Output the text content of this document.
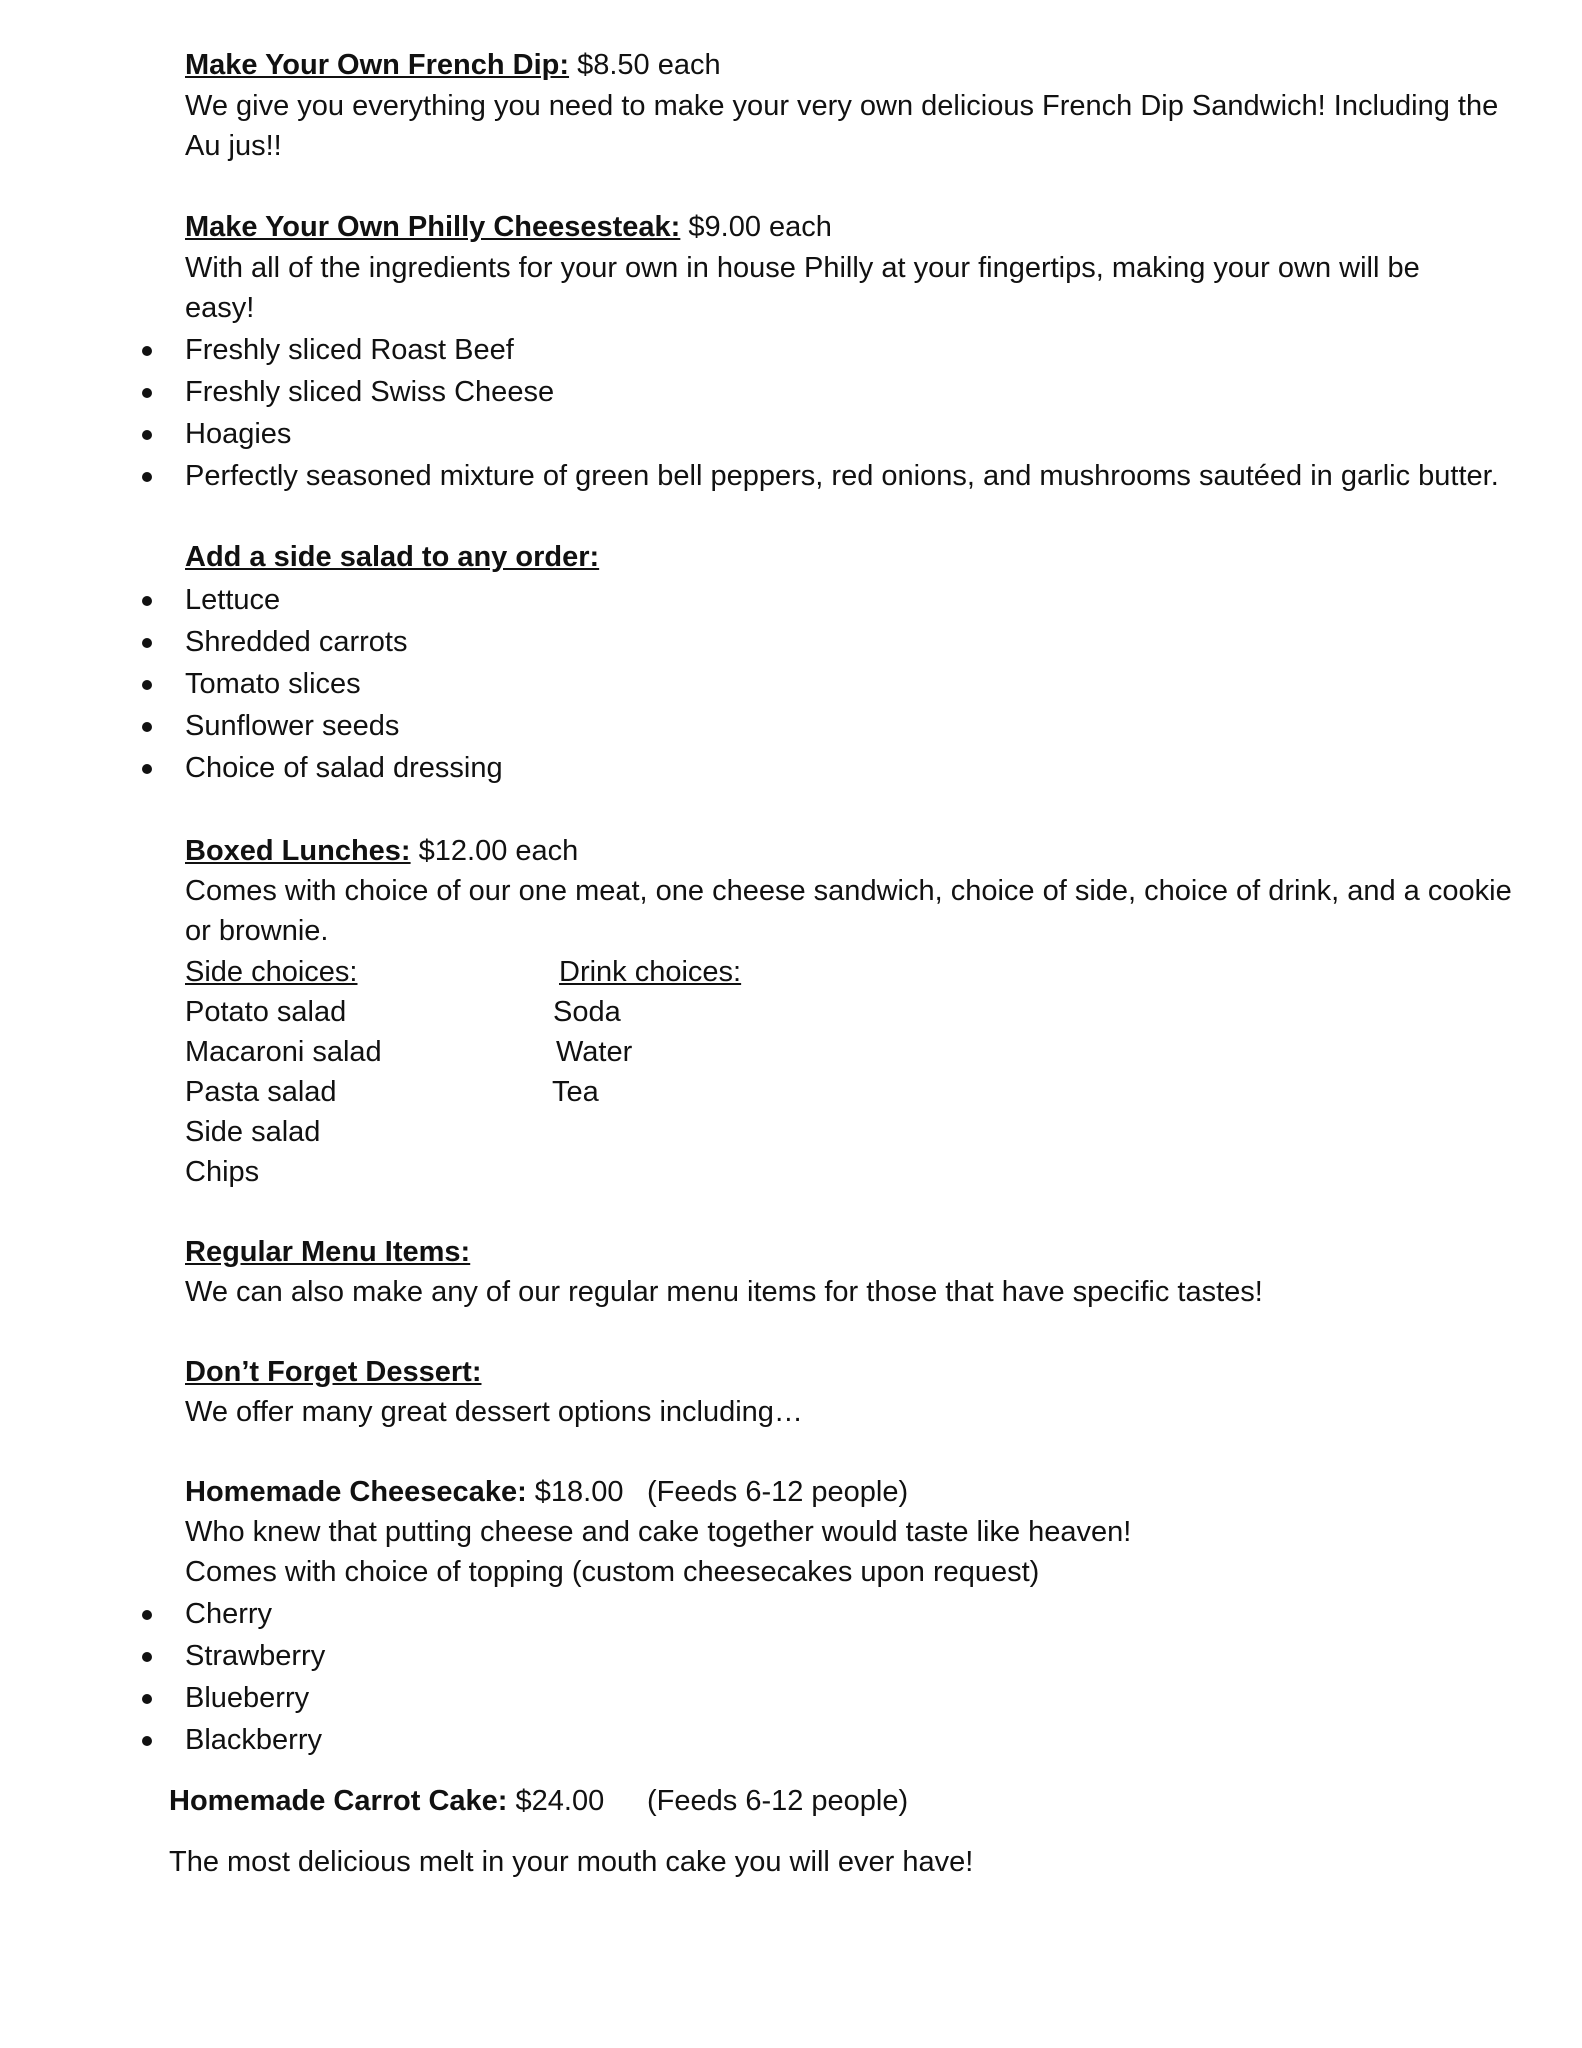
Make Your Own French Dip: $8.50 each
We give you everything you need to make your very own delicious French Dip Sandwich! Including the
Au jus!!
Make Your Own Philly Cheesesteak: $9.00 each
With all of the ingredients for your own in house Philly at your fingertips, making your own will be
easy!
Freshly sliced Roast Beef
Freshly sliced Swiss Cheese
Hoagies
Perfectly seasoned mixture of green bell peppers, red onions, and mushrooms sautéed in garlic butter.
Add a side salad to any order:
Lettuce
Shredded carrots
Tomato slices
Sunflower seeds
Choice of salad dressing
Boxed Lunches: $12.00 each
Comes with choice of our one meat, one cheese sandwich, choice of side, choice of drink, and a cookie
or brownie.
Side choices:	Drink choices:
Potato salad	Soda
Macaroni salad	Water
Pasta salad	Tea
Side salad
Chips
Regular Menu Items:
We can also make any of our regular menu items for those that have specific tastes!
Don’t Forget Dessert:
We offer many great dessert options including…
Homemade Cheesecake: $18.00 (Feeds 6-12 people)
Who knew that putting cheese and cake together would taste like heaven!
Comes with choice of topping (custom cheesecakes upon request)
Cherry
Strawberry
Blueberry
Blackberry
Homemade Carrot Cake: $24.00 (Feeds 6-12 people)
The most delicious melt in your mouth cake you will ever have!
